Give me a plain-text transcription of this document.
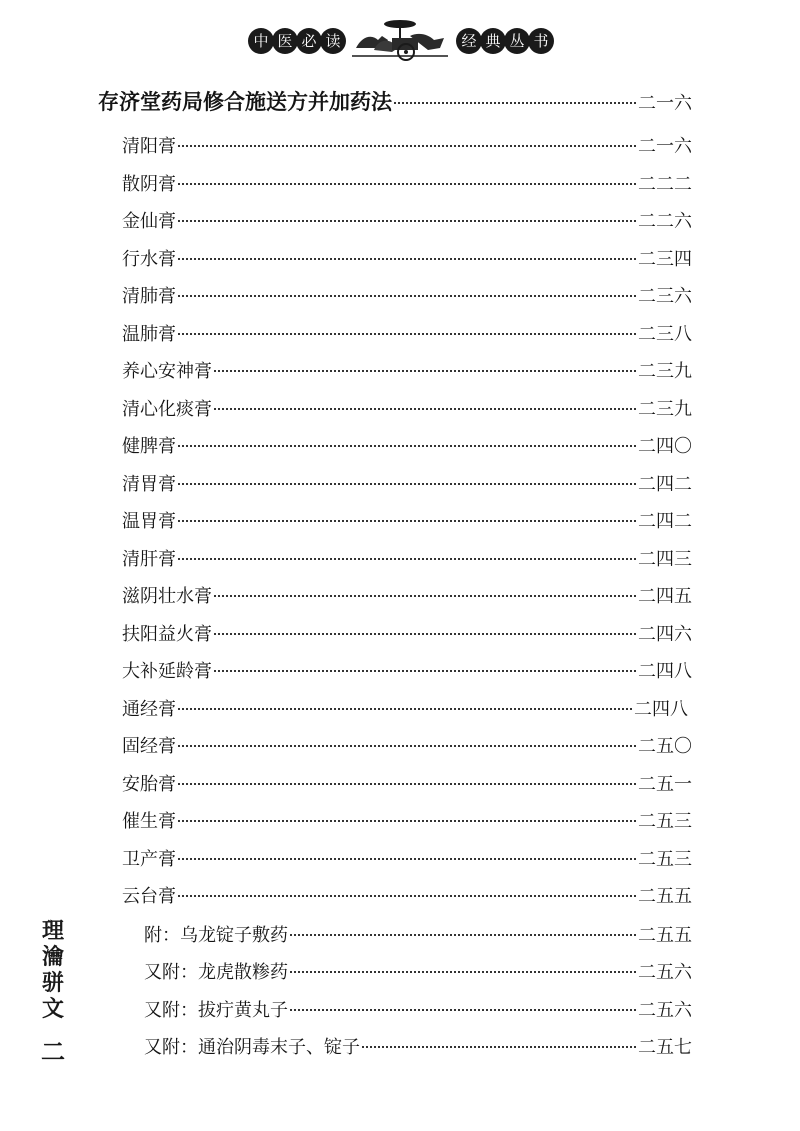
中 医 必 读	经 典 丛 书
存济堂药局修合施送方并加药法	二一六
清阳膏	二一六
散阴膏	二二二
金仙膏	二二六
行水膏	二三四
清肺膏	二三六
温肺膏	二三八
养心安神膏	二三九
清心化痰膏	二三九
健脾膏	二四〇
清胃膏	二四二
温胃膏	二四二
清肝膏	二四三
滋阴壮水膏	二四五
扶阳益火膏	二四六
大补延龄膏	二四八
通经膏	二四八
固经膏	二五〇
安胎膏	二五一
催生膏	二五三
卫产膏	二五三
云台膏	二五五
附：乌龙锭子敷药	二五五
又附：龙虎散糁药	二五六
又附：拔疔黄丸子	二五六
又附：通治阴毒末子、锭子	二五七
理
瀹
骈
文
二
